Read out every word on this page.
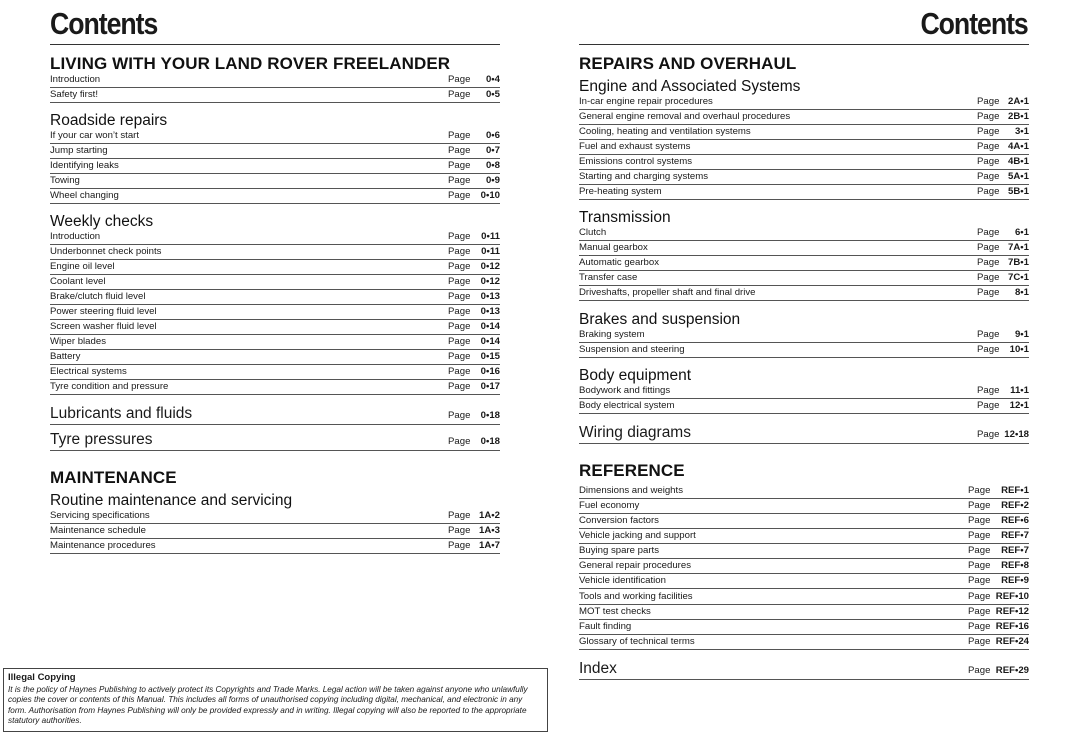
Contents	Contents
LIVING WITH YOUR LAND ROVER FREELANDER
Introduction	Page 0•4
Safety first!	Page 0•5
Roadside repairs
If your car won’t start	Page 0•6
Jump starting	Page 0•7
Identifying leaks	Page 0•8
Towing	Page 0•9
Wheel changing	Page 0•10
Weekly checks
Introduction	Page 0•11
Underbonnet check points	Page 0•11
Engine oil level	Page 0•12
Coolant level	Page 0•12
Brake/clutch fluid level	Page 0•13
Power steering fluid level	Page 0•13
Screen washer fluid level	Page 0•14
Wiper blades	Page 0•14
Battery	Page 0•15
Electrical systems	Page 0•16
Tyre condition and pressure	Page 0•17
Lubricants and fluids	Page 0•18
Tyre pressures	Page 0•18
MAINTENANCE
Routine maintenance and servicing
Servicing specifications	Page 1A•2
Maintenance schedule	Page 1A•3
Maintenance procedures	Page 1A•7
REPAIRS AND OVERHAUL
Engine and Associated Systems
In-car engine repair procedures	Page 2A•1
General engine removal and overhaul procedures	Page 2B•1
Cooling, heating and ventilation systems	Page 3•1
Fuel and exhaust systems	Page 4A•1
Emissions control systems	Page 4B•1
Starting and charging systems	Page 5A•1
Pre-heating system	Page 5B•1
Transmission
Clutch	Page 6•1
Manual gearbox	Page 7A•1
Automatic gearbox	Page 7B•1
Transfer case	Page 7C•1
Driveshafts, propeller shaft and final drive	Page 8•1
Brakes and suspension
Braking system	Page 9•1
Suspension and steering	Page 10•1
Body equipment
Bodywork and fittings	Page 11•1
Body electrical system	Page 12•1
Wiring diagrams	Page 12•18
REFERENCE
Dimensions and weights	Page REF•1
Fuel economy	Page REF•2
Conversion factors	Page REF•6
Vehicle jacking and support	Page REF•7
Buying spare parts	Page REF•7
General repair procedures	Page REF•8
Vehicle identification	Page REF•9
Tools and working facilities	Page REF•10
MOT test checks	Page REF•12
Fault finding	Page REF•16
Glossary of technical terms	Page REF•24
Index	Page REF•29
Illegal Copying
It is the policy of Haynes Publishing to actively protect its Copyrights and Trade Marks. Legal action will be taken against anyone who unlawfully copies the cover or contents of this Manual. This includes all forms of unauthorised copying including digital, mechanical, and electronic in any form. Authorisation from Haynes Publishing will only be provided expressly and in writing. Illegal copying will also be reported to the appropriate statutory authorities.
